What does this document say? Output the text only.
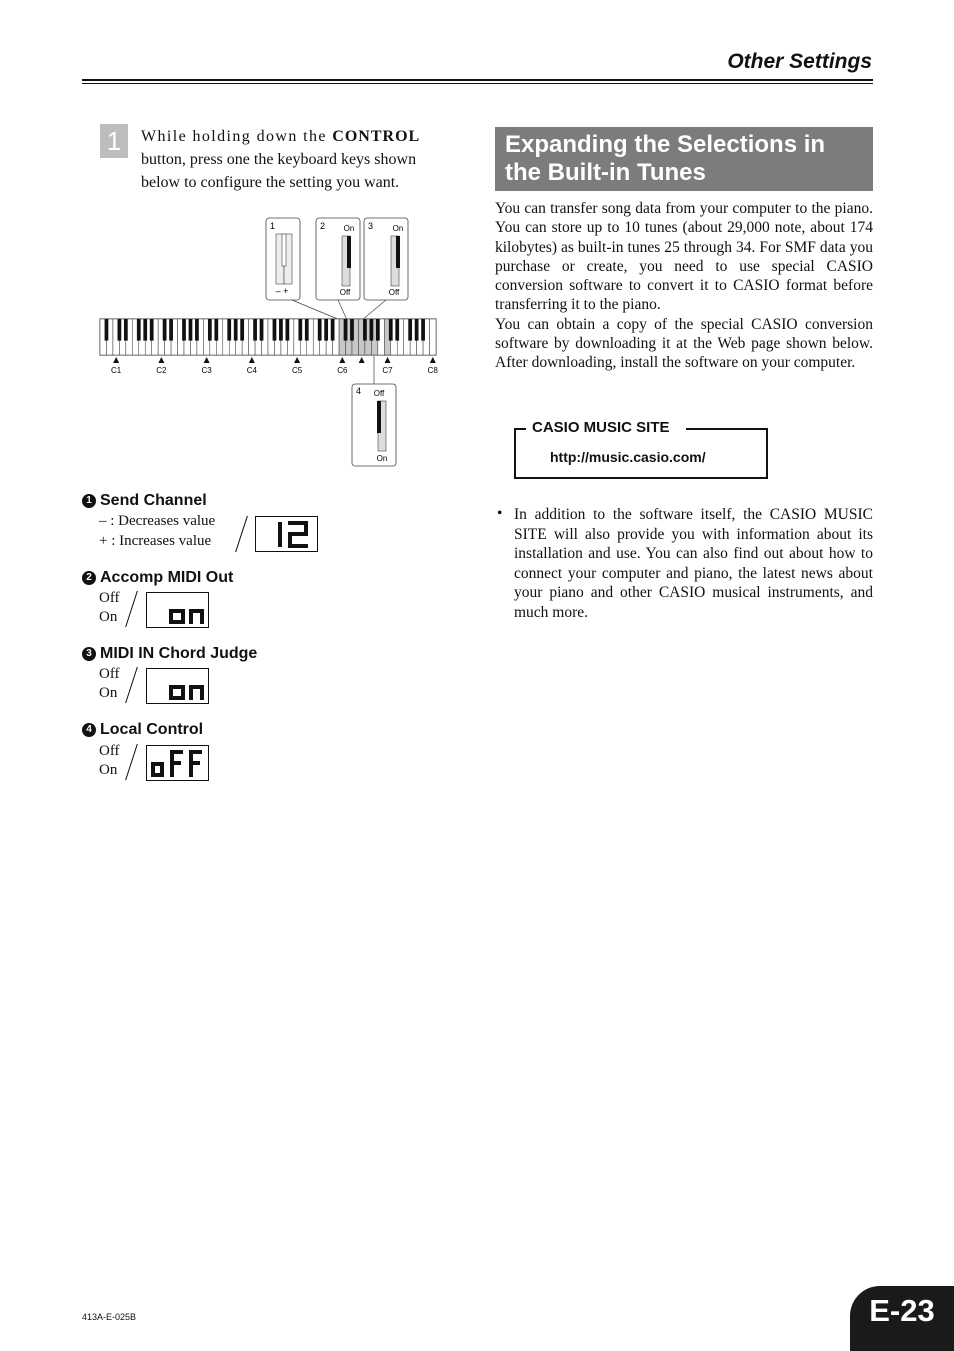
Other Settings
1	While holding down the CONTROL
button, press one the keyboard keys shown
below to configure the setting you want.
1
– +
2 On
Off
3 On
Off
C1	C2	C3	C4	C5	C6	C7	C8
4 Off
On
1 Send Channel
– : Decreases value
+ : Increases value
2 Accomp MIDI Out
Off
On
3 MIDI IN Chord Judge
Off
On
4 Local Control
Off
On
Expanding the Selections in
the Built-in Tunes

You can transfer song data from your computer to the piano. You can store up to 10 tunes (about 29,000 note, about 174 kilobytes) as built-in tunes 25 through 34. For SMF data you purchase or create, you need to use special CASIO conversion software to convert it to CASIO format before transferring it to the piano.

You can obtain a copy of the special CASIO conversion software by downloading it at the Web page shown below. After downloading, install the software on your computer.

CASIO MUSIC SITE
http://music.casio.com/
• In addition to the software itself, the CASIO MUSIC SITE will also provide you with information about its installation and use. You can also find out about how to connect your computer and piano, the latest news about your piano and other CASIO musical instruments, and much more.
413A-E-025B	E-23
